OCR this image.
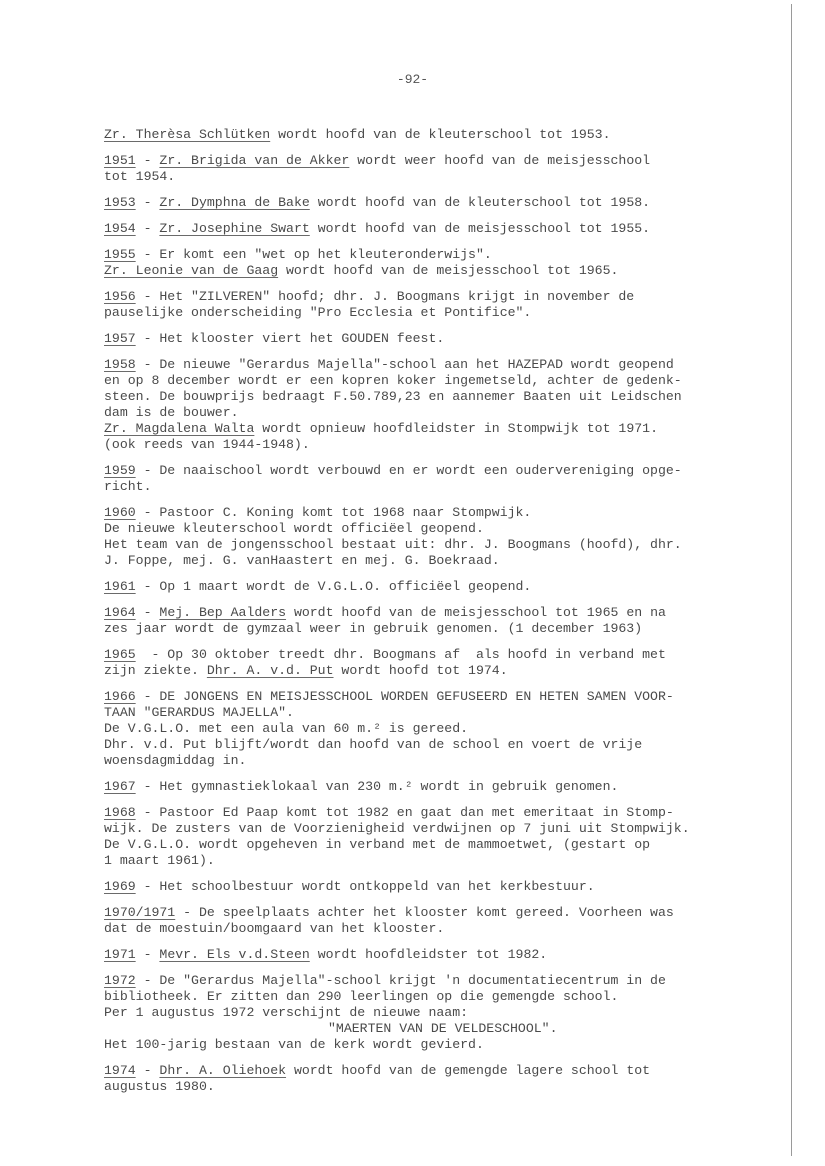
-92-
Zr. Therèsa Schlütken wordt hoofd van de kleuterschool tot 1953.
1951 - Zr. Brigida van de Akker wordt weer hoofd van de meisjesschool
tot 1954.
1953 - Zr. Dymphna de Bake wordt hoofd van de kleuterschool tot 1958.
1954 - Zr. Josephine Swart wordt hoofd van de meisjesschool tot 1955.
1955 - Er komt een "wet op het kleuteronderwijs".
Zr. Leonie van de Gaag wordt hoofd van de meisjesschool tot 1965.
1956 - Het "ZILVEREN" hoofd; dhr. J. Boogmans krijgt in november de
pauselijke onderscheiding "Pro Ecclesia et Pontifice".
1957 - Het klooster viert het GOUDEN feest.
1958 - De nieuwe "Gerardus Majella"-school aan het HAZEPAD wordt geopend
en op 8 december wordt er een kopren koker ingemetseld, achter de gedenk-
steen. De bouwprijs bedraagt F.50.789,23 en aannemer Baaten uit Leidschen
dam is de bouwer.
Zr. Magdalena Walta wordt opnieuw hoofdleidster in Stompwijk tot 1971.
(ook reeds van 1944-1948).
1959 - De naaischool wordt verbouwd en er wordt een oudervereniging opge-
richt.
1960 - Pastoor C. Koning komt tot 1968 naar Stompwijk.
De nieuwe kleuterschool wordt officiëel geopend.
Het team van de jongensschool bestaat uit: dhr. J. Boogmans (hoofd), dhr.
J. Foppe, mej. G. vanHaastert en mej. G. Boekraad.
1961 - Op 1 maart wordt de V.G.L.O. officiëel geopend.
1964 - Mej. Bep Aalders wordt hoofd van de meisjesschool tot 1965 en na
zes jaar wordt de gymzaal weer in gebruik genomen. (1 december 1963)
1965  - Op 30 oktober treedt dhr. Boogmans af  als hoofd in verband met
zijn ziekte. Dhr. A. v.d. Put wordt hoofd tot 1974.
1966 - DE JONGENS EN MEISJESSCHOOL WORDEN GEFUSEERD EN HETEN SAMEN VOOR-
TAAN "GERARDUS MAJELLA".
De V.G.L.O. met een aula van 60 m.² is gereed.
Dhr. v.d. Put blijft/wordt dan hoofd van de school en voert de vrije
woensdagmiddag in.
1967 - Het gymnastieklokaal van 230 m.² wordt in gebruik genomen.
1968 - Pastoor Ed Paap komt tot 1982 en gaat dan met emeritaat in Stomp-
wijk. De zusters van de Voorzienigheid verdwijnen op 7 juni uit Stompwijk.
De V.G.L.O. wordt opgeheven in verband met de mammoetwet, (gestart op
1 maart 1961).
1969 - Het schoolbestuur wordt ontkoppeld van het kerkbestuur.
1970/1971 - De speelplaats achter het klooster komt gereed. Voorheen was
dat de moestuin/boomgaard van het klooster.
1971 - Mevr. Els v.d.Steen wordt hoofdleidster tot 1982.
1972 - De "Gerardus Majella"-school krijgt 'n documentatiecentrum in de
bibliotheek. Er zitten dan 290 leerlingen op die gemengde school.
Per 1 augustus 1972 verschijnt de nieuwe naam:
"MAERTEN VAN DE VELDESCHOOL".
Het 100-jarig bestaan van de kerk wordt gevierd.
1974 - Dhr. A. Oliehoek wordt hoofd van de gemengde lagere school tot
augustus 1980.
